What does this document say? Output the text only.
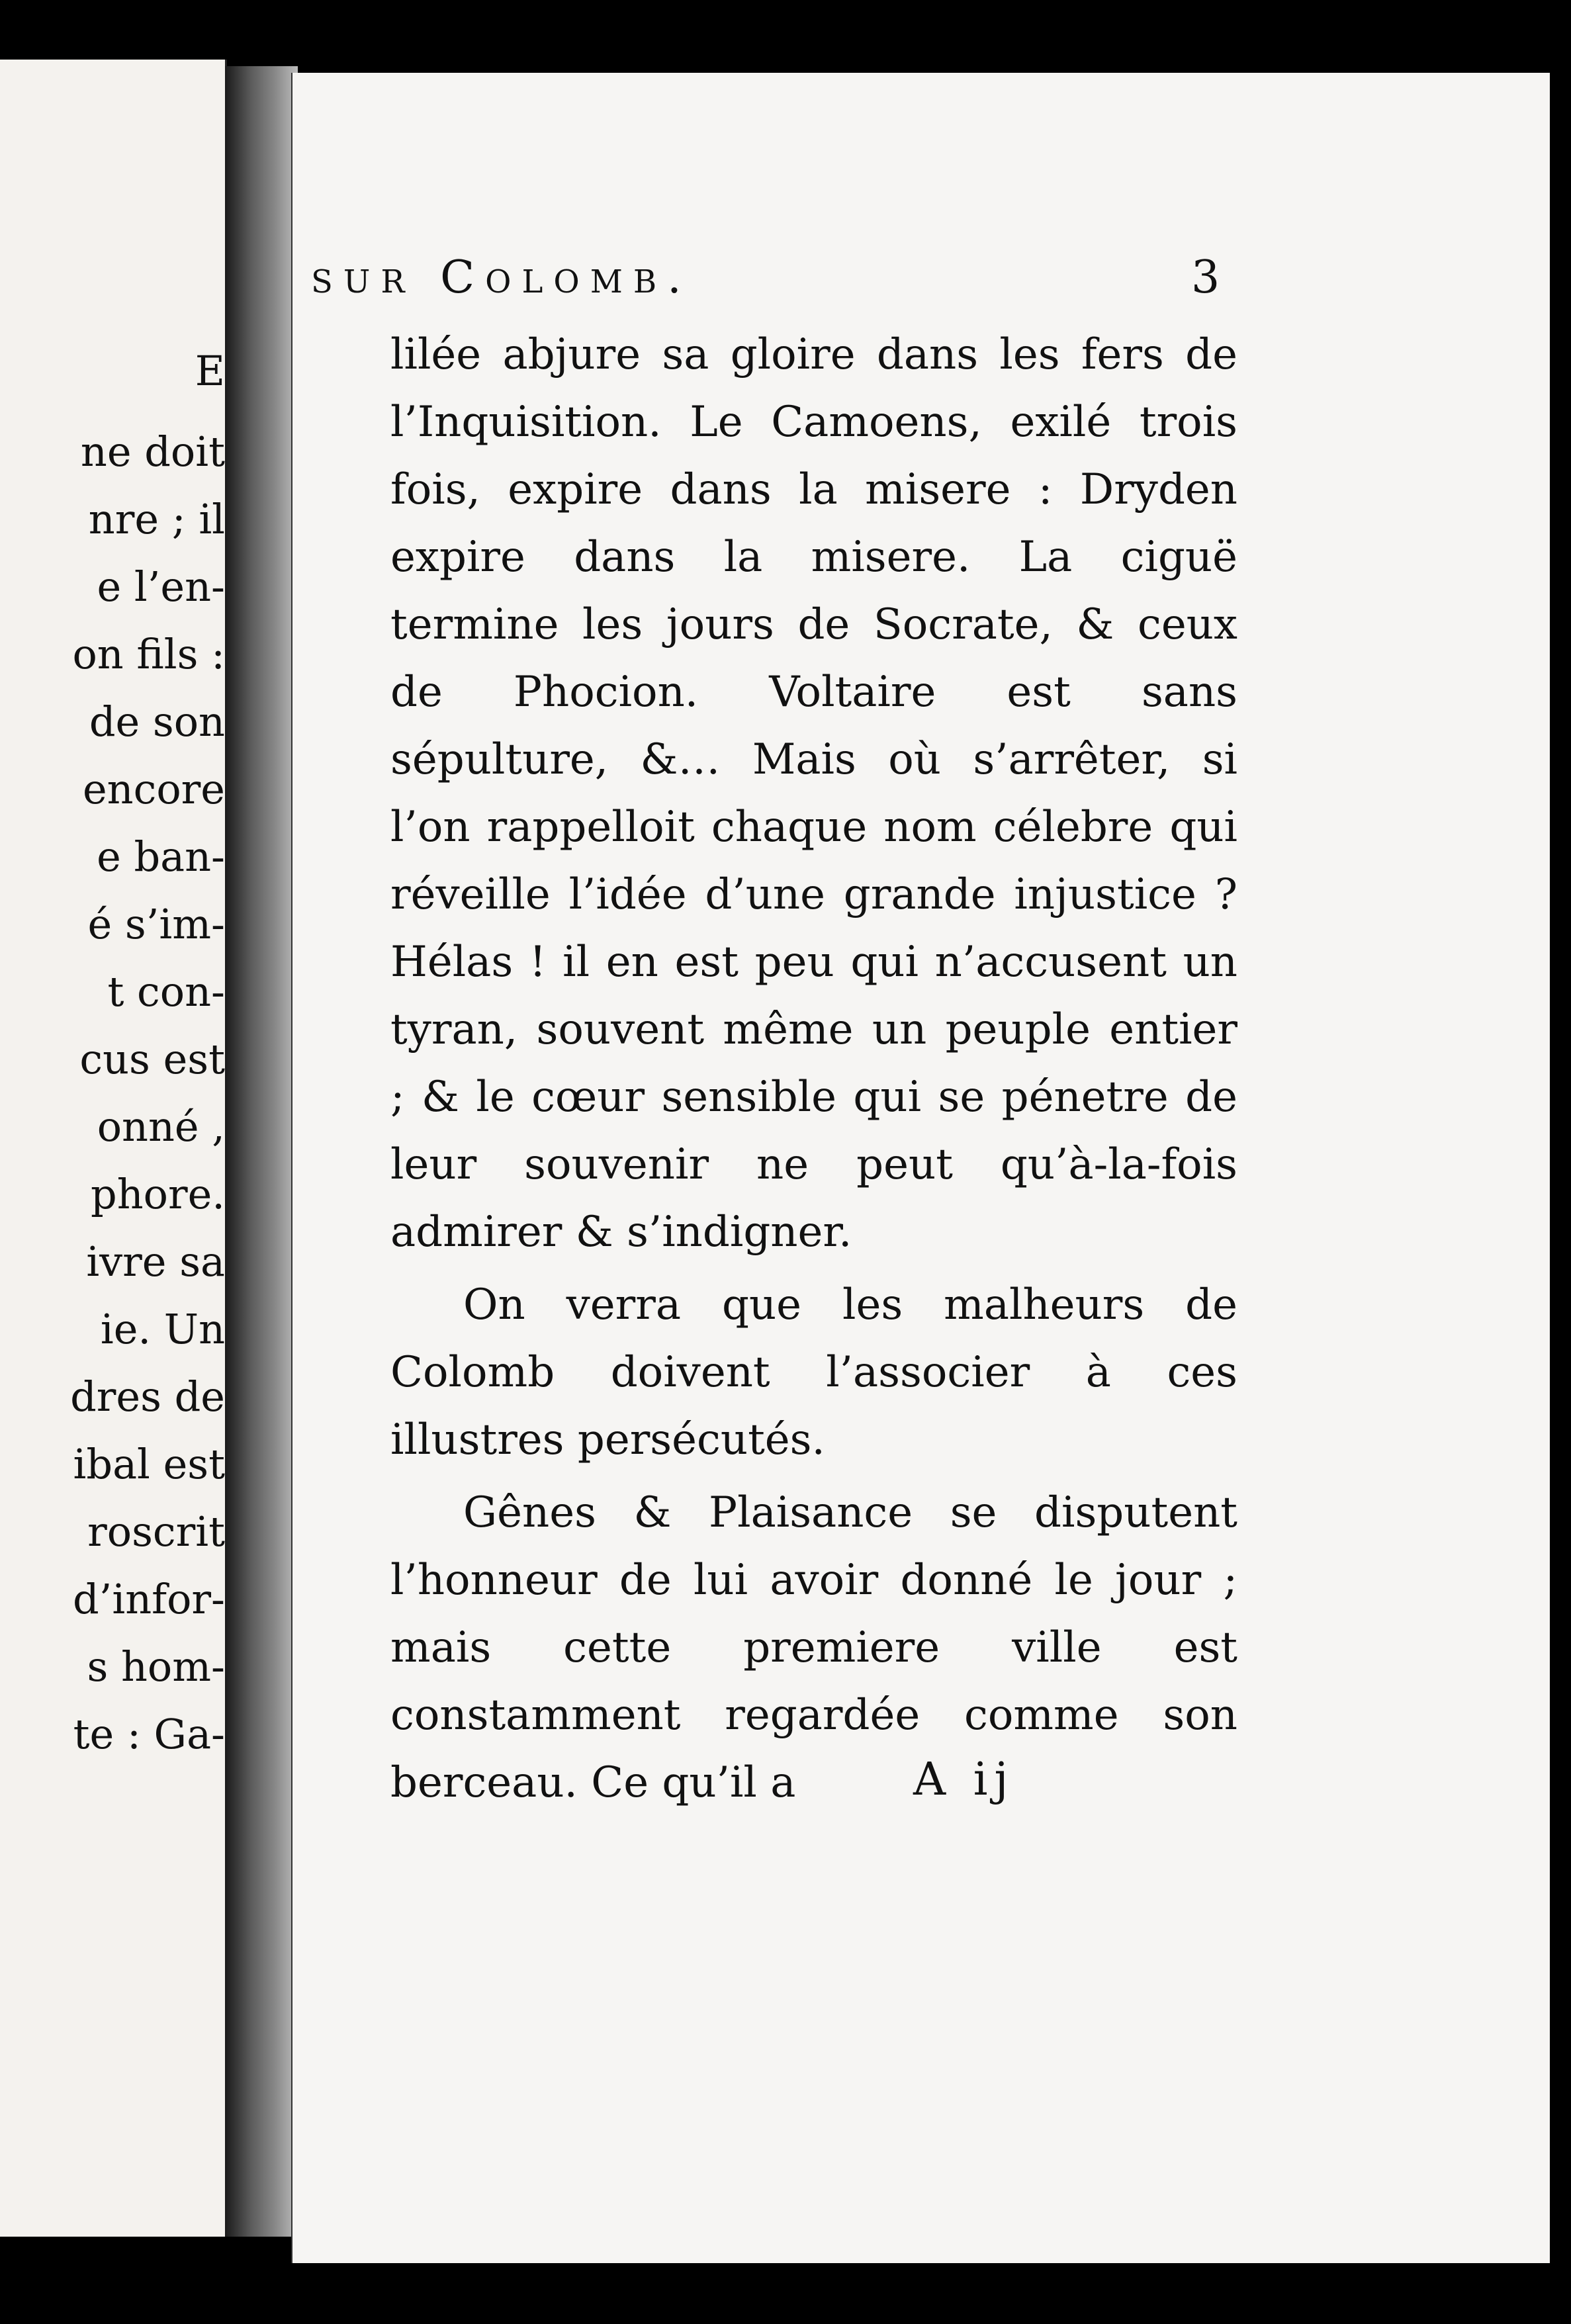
E

ne doit

nre ; il

e l’en-

on fils :

de son

encore

e ban-

é s’im-

t con-

cus est

onné ,

phore.

ivre sa

ie. Un

dres de

ibal est

roscrit

d’infor-

s hom-

te : Ga-

sur Colomb.	3

lilée abjure sa gloire dans les fers de l’Inquisition. Le Camoens, exilé trois fois, expire dans la misere : Dryden expire dans la misere. La ciguë termine les jours de Socrate, & ceux de Phocion. Voltaire est sans sépulture, &… Mais où s’arrêter, si l’on rappelloit chaque nom célebre qui réveille l’idée d’une grande injustice ? Hélas ! il en est peu qui n’accusent un tyran, souvent même un peuple entier ; & le cœur sensible qui se pénetre de leur souvenir ne peut qu’à-la-fois admirer & s’indigner.

On verra que les malheurs de Colomb doivent l’associer à ces illustres persécutés.

Gênes & Plaisance se disputent l’honneur de lui avoir donné le jour ; mais cette premiere ville est constamment regardée comme son berceau. Ce qu’il a	A ij
